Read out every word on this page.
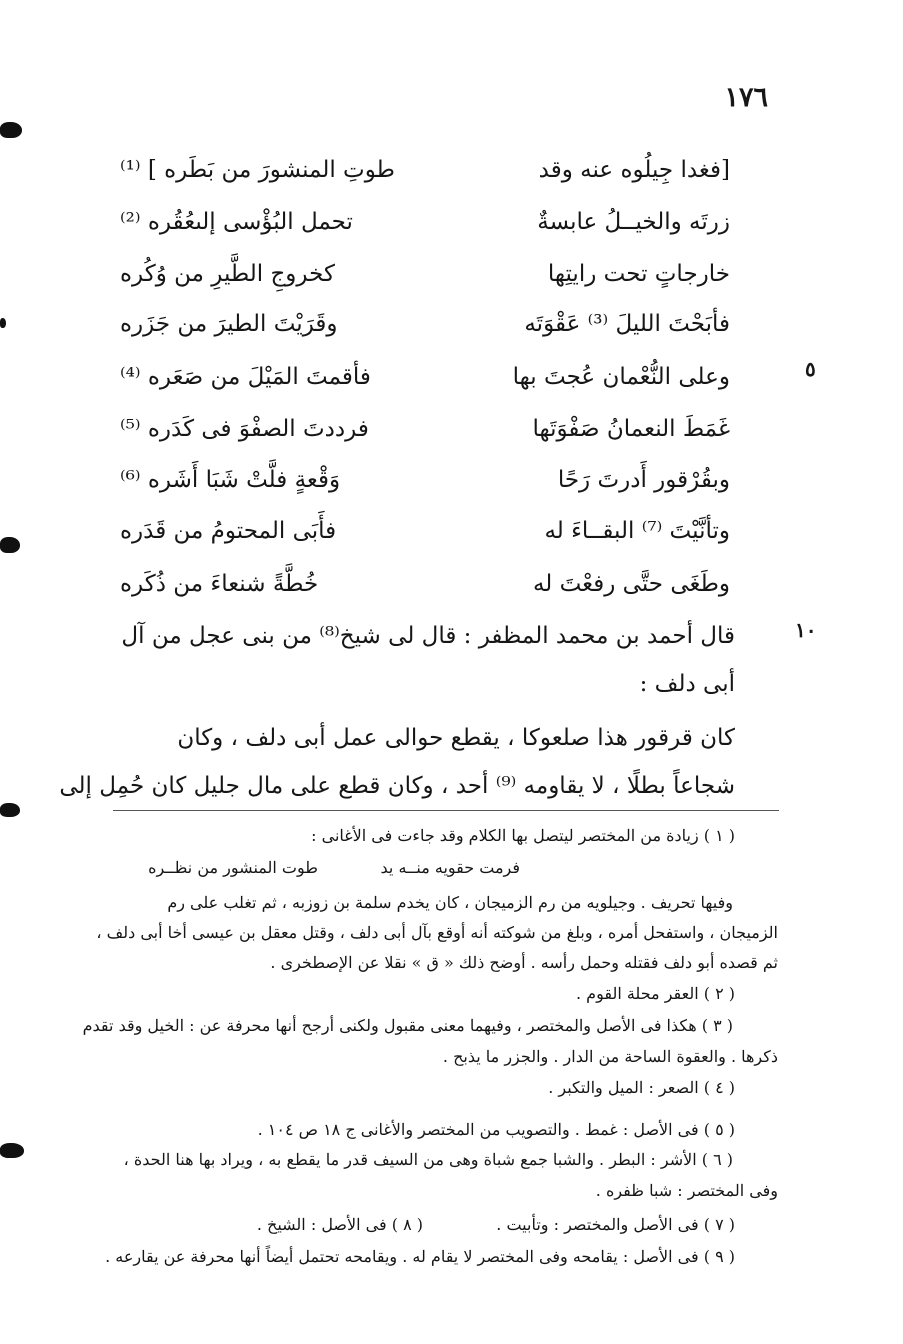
١٧٦
[فغدا جِيلُوه عنه وقد
طوتِ المنشورَ من بَطَره ] ⁽¹⁾
زرتَه والخيــلُ عابسةٌ
تحمل البُؤْسى إلىعُقُره ⁽²⁾
خارجاتٍ تحت رايتِها
كخروجِ الطَّيرِ من وُكُره
فأبَحْتَ الليلَ ⁽³⁾ عَقْوَتَه
وقَرَيْتَ الطيرَ من جَزَره
وعلى النُّعْمان عُجتَ بها
فأقمتَ المَيْلَ من صَعَره ⁽⁴⁾
غَمَطَ النعمانُ صَفْوَتَها
فرددتَ الصفْوَ فى كَدَره ⁽⁵⁾
وبقُرْقور أَدرتَ رَحًا
وَقْعةٍ فلَّتْ شَبَا أَشَره ⁽⁶⁾
وتأنَّيْتَ ⁽⁷⁾ البقــاءَ له
فأَبَى المحتومُ من قَدَره
وطَغَى حتَّى رفعْتَ له
خُطَّةً شنعاءَ من ذُكَره
٥
١٠
قال أحمد بن محمد المظفر : قال لى شيخ⁽⁸⁾ من بنى عجل من آل
أبى دلف :
كان قرقور هذا صلعوكا ، يقطع حوالى عمل أبى دلف ، وكان
شجاعاً بطلًا ، لا يقاومه ⁽⁹⁾ أحد ، وكان قطع على مال جليل كان حُمِل إلى
( ١ ) زيادة من المختصر ليتصل بها الكلام وقد جاءت فى الأغانى :
فرمت حقويه منــه يد
طوت المنشور من نظــره
وفيها تحريف . وجيلويه من رم الزميجان ، كان يخدم سلمة بن زوزبه ، ثم تغلب على رم
الزميجان ، واستفحل أمره ، وبلغ من شوكته أنه أوقع بآل أبى دلف ، وقتل معقل بن عيسى أخا أبى دلف ،
ثم قصده أبو دلف فقتله وحمل رأسه . أوضح ذلك « ق » نقلا عن الإصطخرى .
( ٢ ) العقر محلة القوم .
( ٣ ) هكذا فى الأصل والمختصر ، وفيهما معنى مقبول ولكنى أرجح أنها محرفة عن : الخيل وقد تقدم
ذكرها . والعقوة الساحة من الدار . والجزر ما يذبح .
( ٤ ) الصعر : الميل والتكبر .
( ٥ ) فى الأصل : غمط . والتصويب من المختصر والأغانى ج ١٨ ص ١٠٤ .
( ٦ ) الأشر : البطر . والشبا جمع شباة وهى من السيف قدر ما يقطع به ، ويراد بها هنا الحدة ،
وفى المختصر : شبا ظفره .
( ٧ ) فى الأصل والمختصر : وتأبيت .
( ٨ ) فى الأصل : الشيخ .
( ٩ ) فى الأصل : يقامحه وفى المختصر لا يقام له . ويقامحه تحتمل أيضاً أنها محرفة عن يقارعه .
